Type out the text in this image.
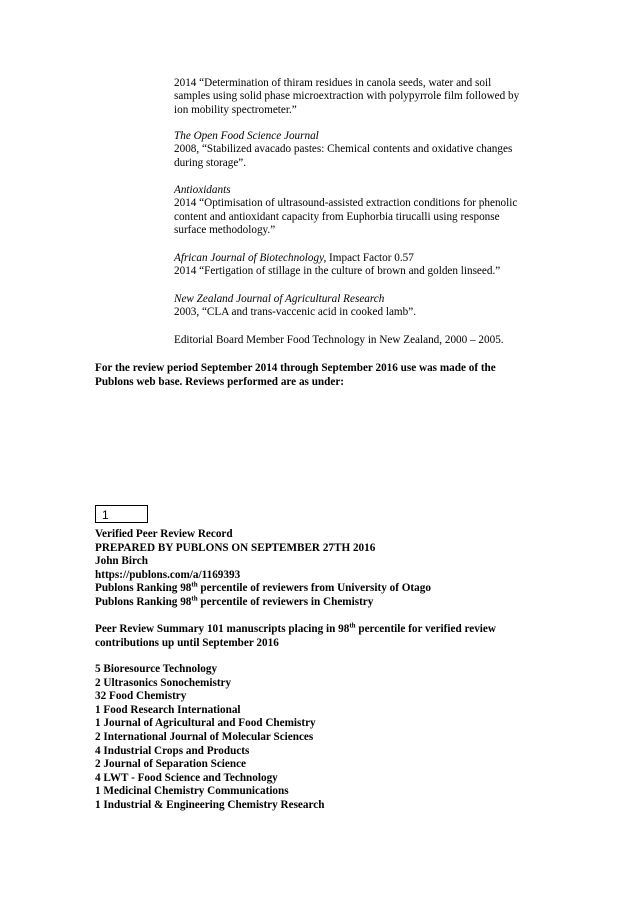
2014 “Determination of thiram residues in canola seeds, water and soil
samples using solid phase microextraction with polypyrrole film followed by
ion mobility spectrometer.”
The Open Food Science Journal
2008, “Stabilized avacado pastes: Chemical contents and oxidative changes
during storage”.
Antioxidants
2014 “Optimisation of ultrasound-assisted extraction conditions for phenolic
content and antioxidant capacity from Euphorbia tirucalli using response
surface methodology.”
African Journal of Biotechnology, Impact Factor 0.57
2014 “Fertigation of stillage in the culture of brown and golden linseed.”
New Zealand Journal of Agricultural Research
2003, “CLA and trans-vaccenic acid in cooked lamb”.
Editorial Board Member Food Technology in New Zealand, 2000 – 2005.
For the review period September 2014 through September 2016 use was made of the
Publons web base. Reviews performed are as under:
1
Verified Peer Review Record
PREPARED BY PUBLONS ON SEPTEMBER 27TH 2016
John Birch
https://publons.com/a/1169393
Publons Ranking 98th percentile of reviewers from University of Otago
Publons Ranking 98th percentile of reviewers in Chemistry
Peer Review Summary 101 manuscripts placing in 98th percentile for verified review
contributions up until September 2016
5 Bioresource Technology
2 Ultrasonics Sonochemistry
32 Food Chemistry
1 Food Research International
1 Journal of Agricultural and Food Chemistry
2 International Journal of Molecular Sciences
4 Industrial Crops and Products
2 Journal of Separation Science
4 LWT - Food Science and Technology
1 Medicinal Chemistry Communications
1 Industrial & Engineering Chemistry Research
